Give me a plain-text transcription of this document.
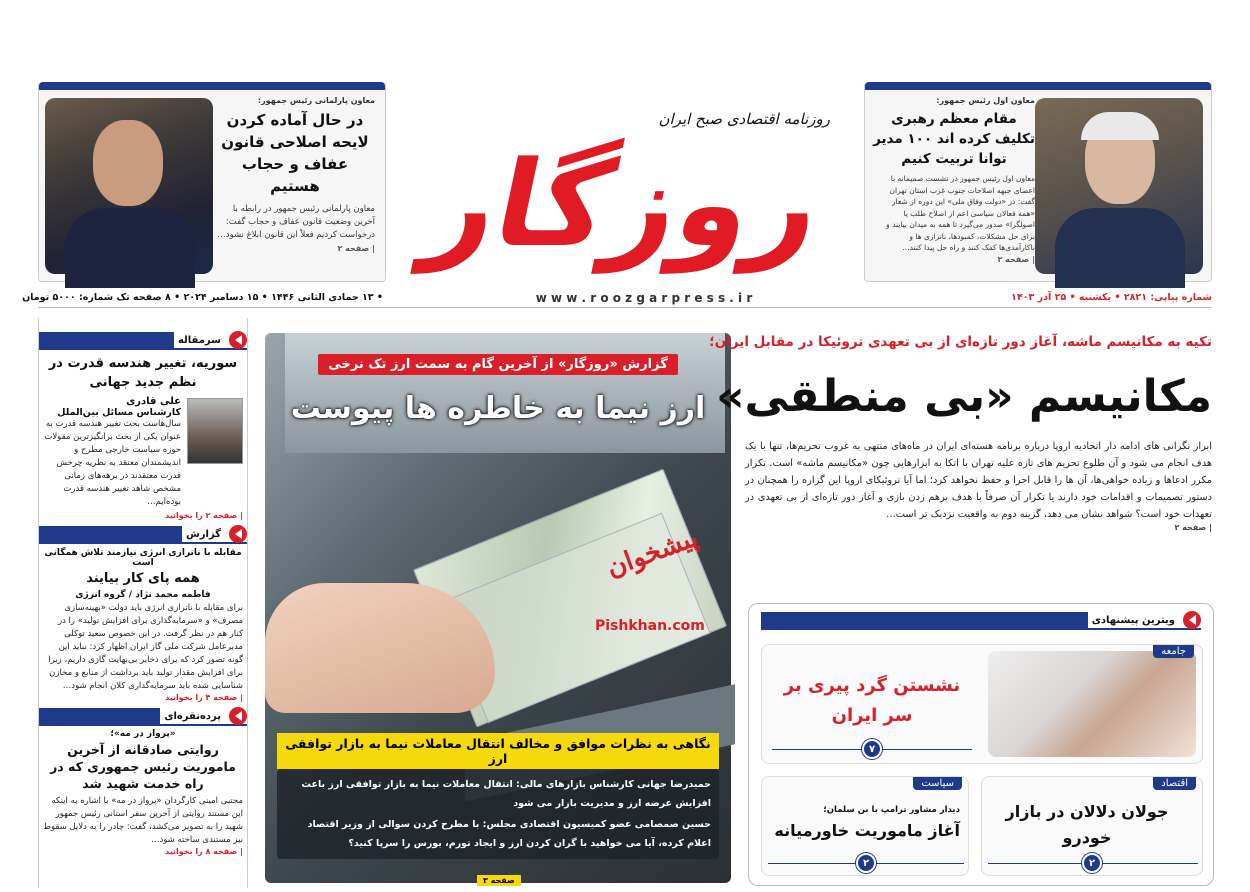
معاون پارلمانی رئیس جمهور:
در حال آماده کردن لایحه اصلاحی قانون عفاف و حجاب هستیم
معاون پارلمانی رئیس جمهور در رابطه با آخرین وضعیت قانون عفاف و حجاب گفت: درخواست کردیم فعلاً این قانون ابلاغ نشود…
| صفحه ۲
معاون اول رئیس جمهور:
مقام معظم رهبری تکلیف کرده اند ۱۰۰ مدیر توانا تربیت کنیم
معاون اول رئیس جمهور در نشست صمیمانه با اعضای جبهه اصلاحات جنوب غرب استان تهران گفت: در «دولت وفاق ملی» این دوره از شعار «همه فعالان سیاسی اعم از اصلاح طلب یا اصولگرا» صدور می‌گیرد تا همه به میدان بیایند و برای حل مشکلات، کمبودها، ناترازی ها و ناکارآمدی‌ها کمک کنند و راه حل پیدا کنند…
| صفحه ۲
روزنامه اقتصادی صبح ایران
روزگار
• ۱۳ جمادی الثانی ۱۴۴۶ • ۱۵ دسامبر ۲۰۲۴ • ۸ صفحه تک شماره: ۵۰۰۰ تومان	w w w . r o o z g a r p r e s s . i r	شماره پیاپی: ۲۸۲۱ • یکشنبه • ۲۵ آذر ۱۴۰۳
سرمقاله
سوریه، تغییر هندسه قدرت در نظم جدید جهانی
علی قادری
کارشناس مسائل بین‌الملل
سال‌هاست بحث تغییر هندسه قدرت به عنوان یکی از بحث برانگیزترین مقولات حوزه سیاست خارجی مطرح و اندیشمندان معتقد به نظریه چرخش قدرت معتقدند در برهه‌های زمانی مشخص شاهد تغییر هندسه قدرت بوده‌ایم…
| صفحه ۲ را بخوانید
گزارش
مقابله با ناترازی انرژی نیازمند تلاش همگانی است
همه پای کار بیایند
فاطمه محمد نژاد / گروه انرژی
برای مقابله با ناترازی انرژی باید دولت «بهینه‌سازی مصرف» و «سرمایه‌گذاری برای افزایش تولید» را در کنار هم در نظر گرفت. در این خصوص سعید توکلی مدیرعامل شرکت ملی گاز ایران اظهار کرد: نباید این گونه تصور کرد که برای ذخایر بی‌نهایت گازی داریم، زیرا برای افزایش مقدار تولید باید برداشت از منابع و مخازن شناسایی شده باید سرمایه‌گذاری کلان انجام شود…
| صفحه ۴ را بخوانید
پرده‌نقره‌ای
«پرواز در مه»؛
روایتی صادقانه از آخرین ماموریت رئیس جمهوری که در راه خدمت شهید شد
مجتبی امینی کارگردان «پرواز در مه» با اشاره به اینکه این مستند روایتی از آخرین سفر استانی رئیس جمهور شهید را به تصویر می‌کشد، گفت: چادر را به دلایل سقوط نیز مستندی ساخته شود…
| صفحه ۸ را بخوانید
گزارش «روزگار» از آخرین گام به سمت ارز تک نرخی
ارز نیما به خاطره ها پیوست
پیشخوان
Pishkhan.com
نگاهی به نظرات موافق و مخالف انتقال معاملات نیما به بازار توافقی ارز
حمیدرضا جهانی کارشناس بازارهای مالی: انتقال معاملات نیما به بازار توافقی ارز باعث افزایش عرضه ارز و مدیریت بازار می شود
حسین صمصامی عضو کمیسیون اقتصادی مجلس: با مطرح کردن سوالی از وزیر اقتصاد اعلام کرده، آیا می خواهید با گران کردن ارز و ایجاد تورم، بورس را سرپا کنید؟
صفحه ۳
تکیه به مکانیسم ماشه، آغاز دور تازه‌ای از بی تعهدی تروئیکا در مقابل ایران؛
مکانیسم «بی منطقی»
ابراز نگرانی های ادامه دار اتحادیه اروپا درباره برنامه هسته‌ای ایران در ماه‌های منتهی به غروب تحریم‌ها، تنها با یک هدف انجام می شود و آن طلوع تحریم های تازه علیه تهران با اتکا به ابزارهایی چون «مکانیسم ماشه» است. تکرار مکرر ادعاها و زیاده خواهی‌ها، آن ها را قابل اجرا و حفظ نخواهد کرد؛ اما آیا تروئیکای اروپا این گزاره را همچنان در دستور تصمیمات و اقدامات خود دارند یا تکرار آن صرفاً با هدف برهم زدن بازی و آغاز دور تازه‌ای از بی تعهدی در تعهدات خود است؟ شواهد نشان می دهد، گزینه دوم به واقعیت نزدیک تر است…
| صفحه ۲
ویترین پیشنهادی
جامعه
نشستن گرد پیری بر سر ایران
۷
سیاست
دیدار مشاور ترامپ با بن سلمان؛
آغاز ماموریت خاورمیانه
۲
اقتصاد
جولان دلالان در بازار خودرو
۲
